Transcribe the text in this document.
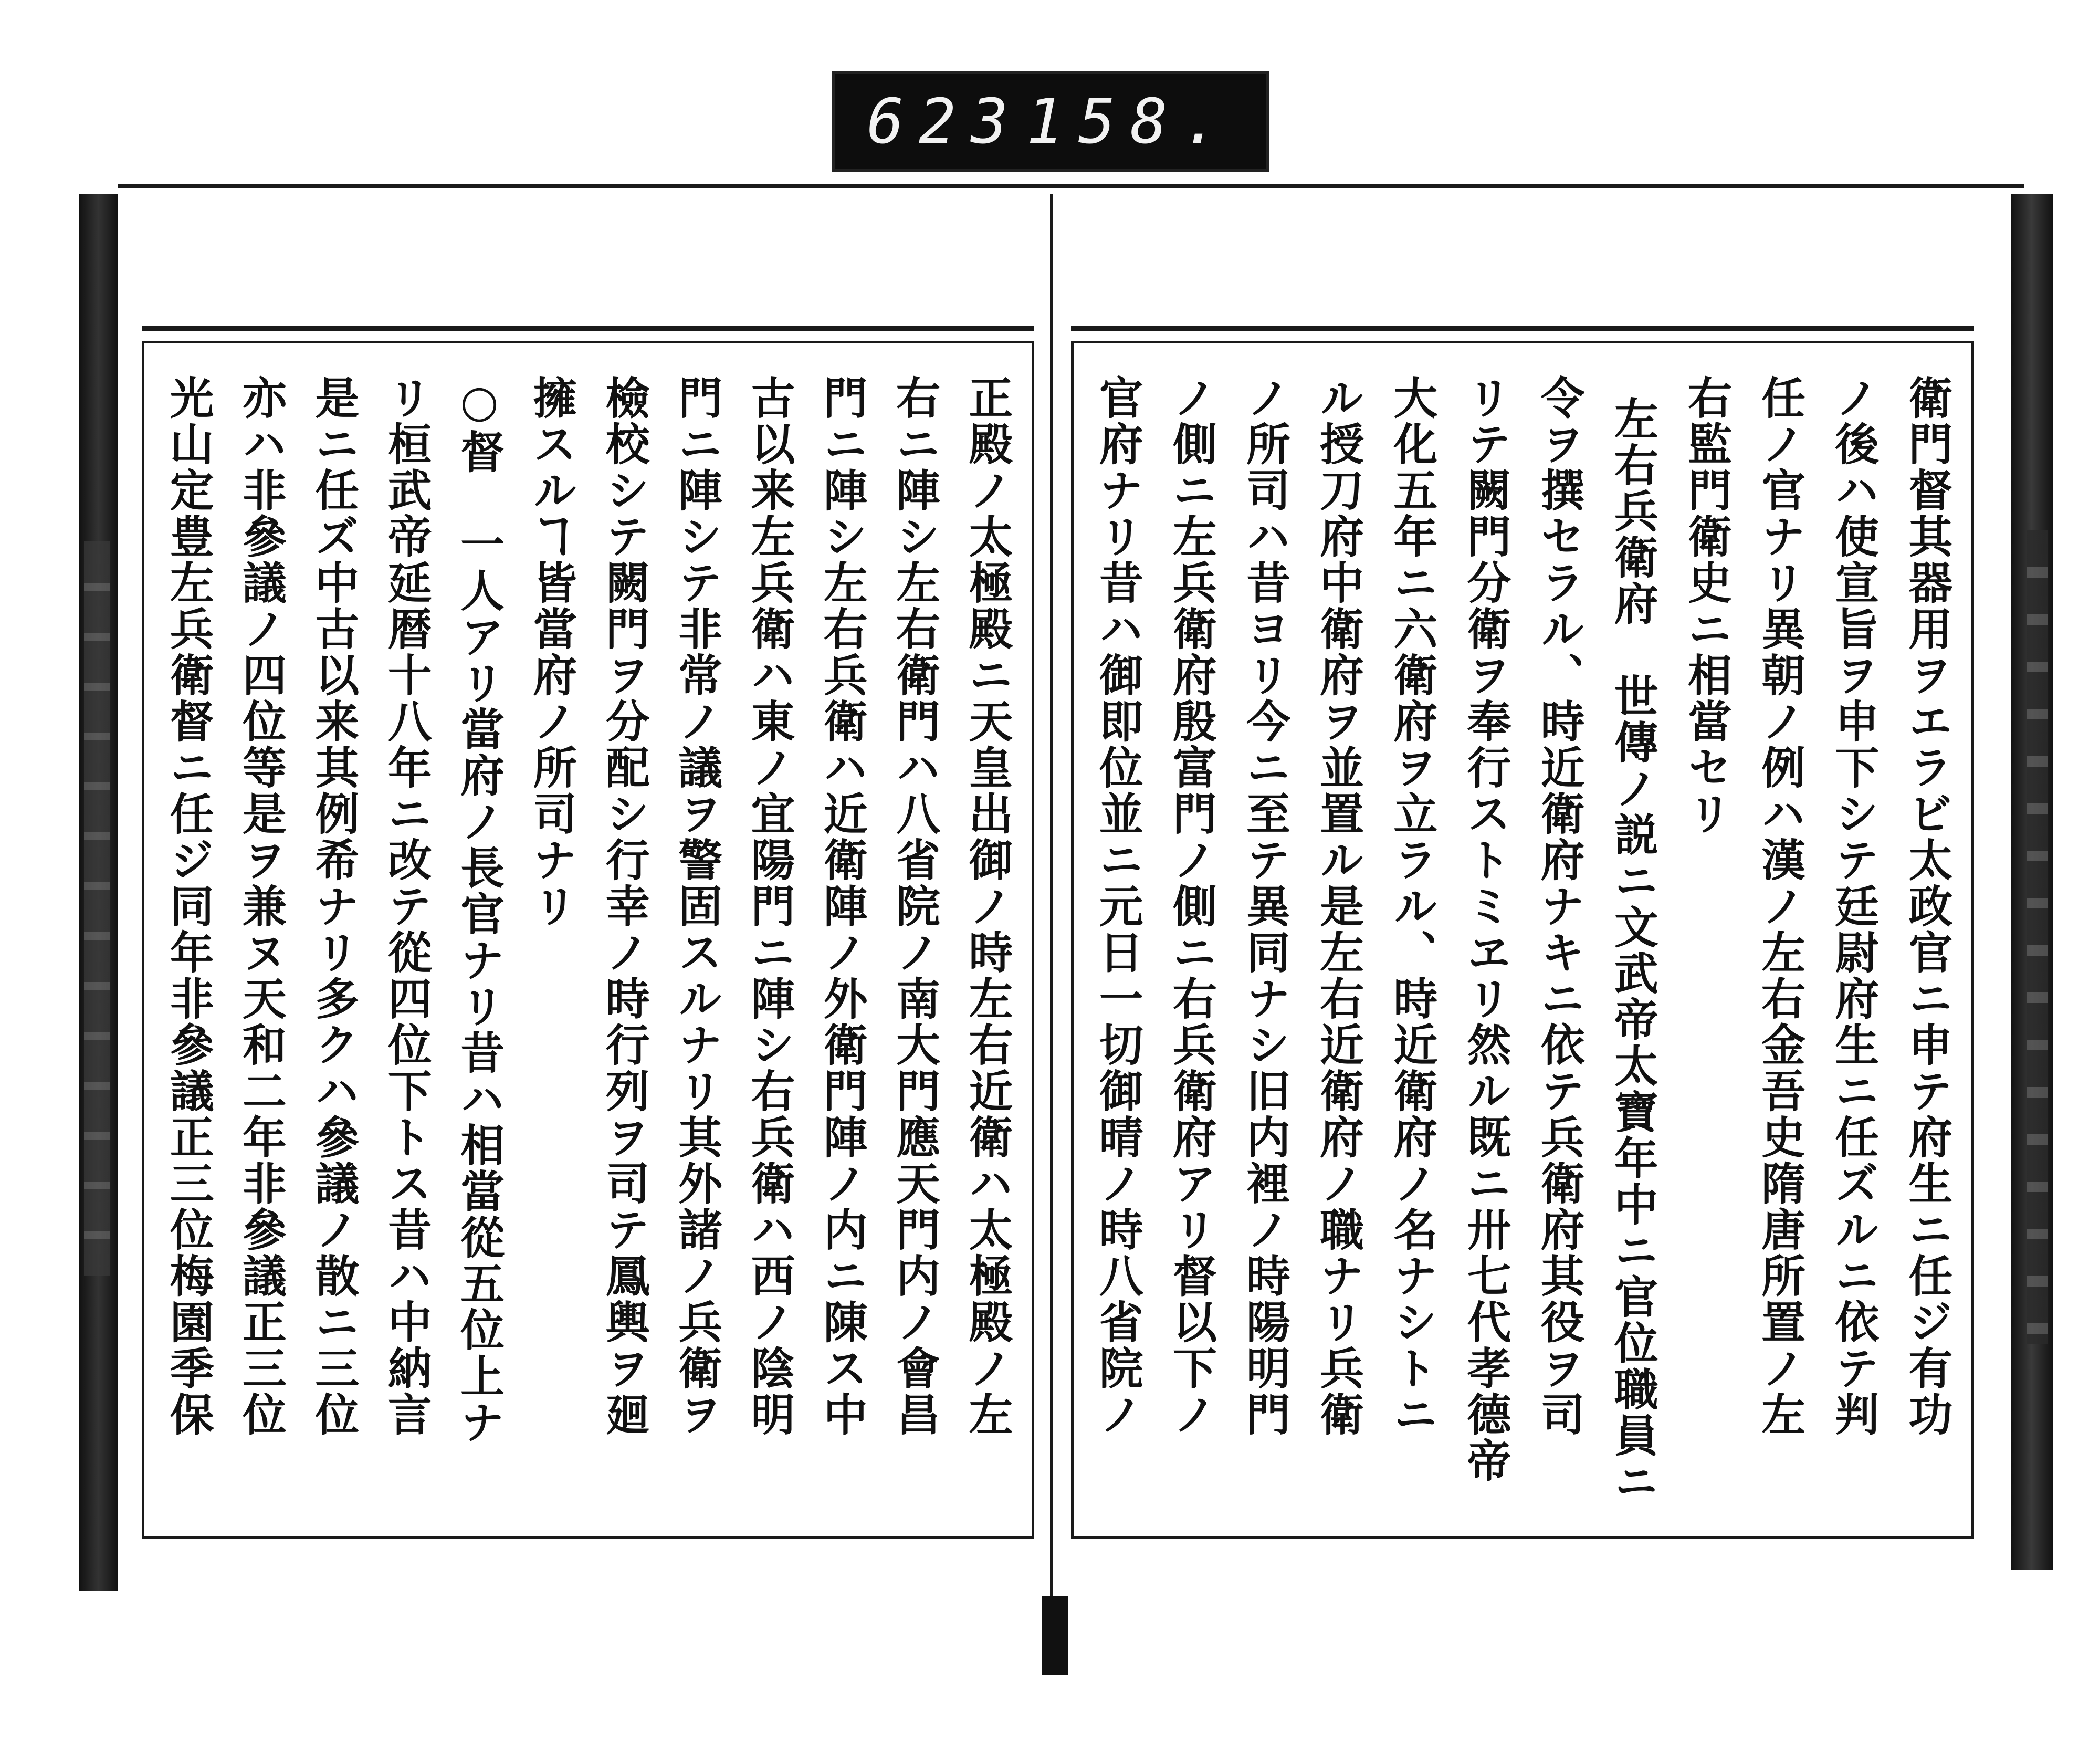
623 158.
衛門督其器用ヲエラビ太政官ニ申テ府生ニ任ジ有功
ノ後ハ使宣旨ヲ申下シテ廷尉府生ニ任ズルニ依テ判
任ノ官ナリ異朝ノ例ハ漢ノ左右金吾史隋唐所置ノ左
右監門衛史ニ相當セリ
左右兵衛府　世傳ノ説ニ文武帝太寶年中ニ官位職員ニ
令ヲ撰セラル、時近衛府ナキニ依テ兵衛府其役ヲ司
リテ闕門分衛ヲ奉行ストミヱリ然ル既ニ卅七代孝德帝
大化五年ニ六衛府ヲ立ラル、時近衛府ノ名ナシトニ
ル授刀府中衛府ヲ並置ル是左右近衛府ノ職ナリ兵衛
ノ所司ハ昔ヨリ今ニ至テ異同ナシ旧内裡ノ時陽明門
ノ側ニ左兵衛府殷富門ノ側ニ右兵衛府アリ督以下ノ
官府ナリ昔ハ御即位並ニ元日一切御晴ノ時八省院ノ
正殿ノ太極殿ニ天皇出御ノ時左右近衛ハ太極殿ノ左
右ニ陣シ左右衛門ハ八省院ノ南大門應天門内ノ會昌
門ニ陣シ左右兵衛ハ近衛陣ノ外衛門陣ノ内ニ陳ス中
古以来左兵衛ハ東ノ宜陽門ニ陣シ右兵衛ハ西ノ陰明
門ニ陣シテ非常ノ議ヲ警固スルナリ其外諸ノ兵衛ヲ
檢校シテ闕門ヲ分配シ行幸ノ時行列ヲ司テ鳳輿ヲ廻
擁スルヿ皆當府ノ所司ナリ
○督　一人アリ當府ノ長官ナリ昔ハ相當從五位上ナ
リ桓武帝延暦十八年ニ改テ從四位下トス昔ハ中納言
是ニ任ズ中古以来其例希ナリ多クハ參議ノ散ニ三位
亦ハ非參議ノ四位等是ヲ兼ヌ天和二年非參議正三位
光山定豊左兵衛督ニ任ジ同年非參議正三位梅園季保
